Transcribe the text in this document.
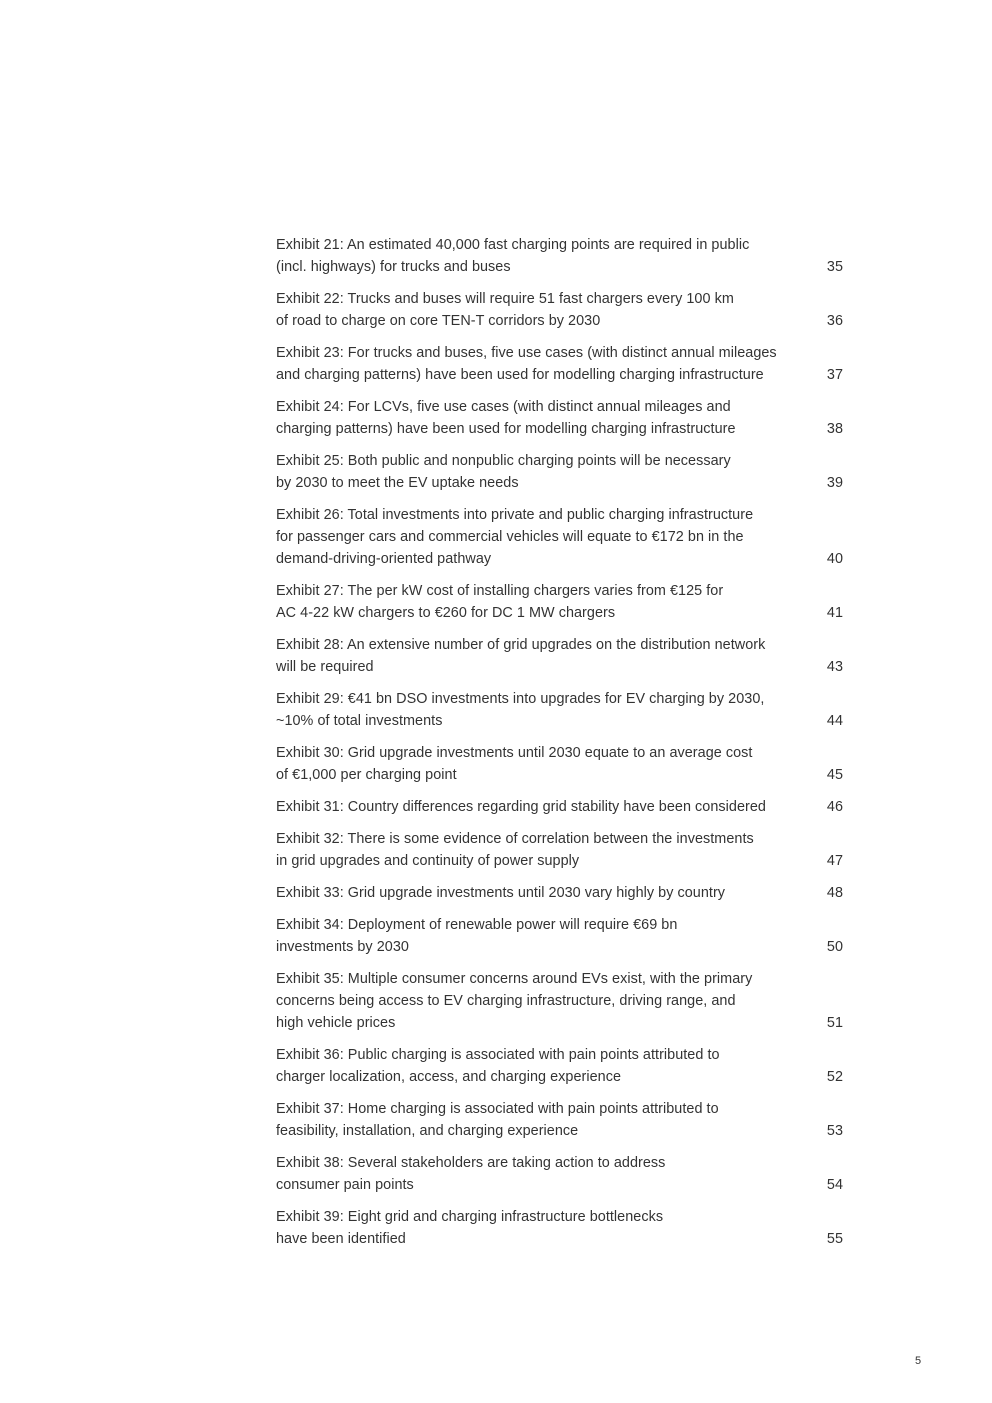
Exhibit 21: An estimated 40,000 fast charging points are required in public
(incl. highways) for trucks and buses	35
Exhibit 22: Trucks and buses will require 51 fast chargers every 100 km
of road to charge on core TEN-T corridors by 2030	36
Exhibit 23: For trucks and buses, five use cases (with distinct annual mileages
and charging patterns) have been used for modelling charging infrastructure	37
Exhibit 24: For LCVs, five use cases (with distinct annual mileages and
charging patterns) have been used for modelling charging infrastructure	38
Exhibit 25: Both public and nonpublic charging points will be necessary
by 2030 to meet the EV uptake needs	39
Exhibit 26: Total investments into private and public charging infrastructure
for passenger cars and commercial vehicles will equate to €172 bn in the
demand-driving-oriented pathway	40
Exhibit 27: The per kW cost of installing chargers varies from €125 for
AC 4-22 kW chargers to €260 for DC 1 MW chargers	41
Exhibit 28: An extensive number of grid upgrades on the distribution network
will be required	43
Exhibit 29: €41 bn DSO investments into upgrades for EV charging by 2030,
~10% of total investments	44
Exhibit 30: Grid upgrade investments until 2030 equate to an average cost
of €1,000 per charging point	45
Exhibit 31: Country differences regarding grid stability have been considered	46
Exhibit 32: There is some evidence of correlation between the investments
in grid upgrades and continuity of power supply	47
Exhibit 33: Grid upgrade investments until 2030 vary highly by country	48
Exhibit 34: Deployment of renewable power will require €69 bn
investments by 2030	50
Exhibit 35: Multiple consumer concerns around EVs exist, with the primary
concerns being access to EV charging infrastructure, driving range, and
high vehicle prices	51
Exhibit 36: Public charging is associated with pain points attributed to
charger localization, access, and charging experience	52
Exhibit 37: Home charging is associated with pain points attributed to
feasibility, installation, and charging experience	53
Exhibit 38: Several stakeholders are taking action to address
consumer pain points	54
Exhibit 39: Eight grid and charging infrastructure bottlenecks
have been identified	55
5
